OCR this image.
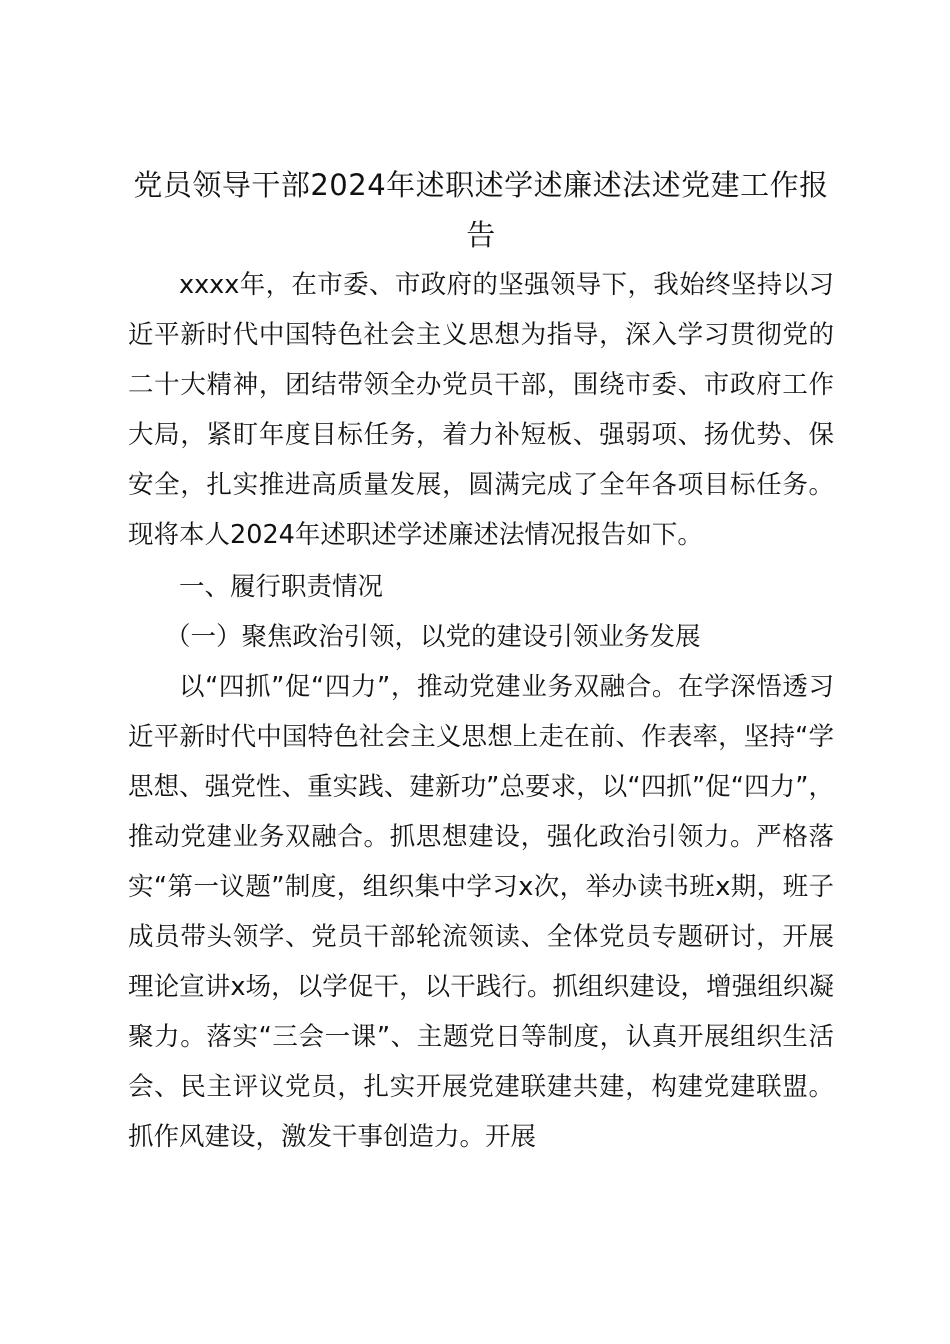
党员领导干部2024年述职述学述廉述法述党建工作报告

xxxx年，在市委、市政府的坚强领导下，我始终坚持以习近平新时代中国特色社会主义思想为指导，深入学习贯彻党的二十大精神，团结带领全办党员干部，围绕市委、市政府工作大局，紧盯年度目标任务，着力补短板、强弱项、扬优势、保安全，扎实推进高质量发展，圆满完成了全年各项目标任务。现将本人2024年述职述学述廉述法情况报告如下。

一、履行职责情况

（一）聚焦政治引领，以党的建设引领业务发展

以“四抓”促“四力”，推动党建业务双融合。在学深悟透习近平新时代中国特色社会主义思想上走在前、作表率，坚持“学思想、强党性、重实践、建新功”总要求，以“四抓”促“四力”，推动党建业务双融合。抓思想建设，强化政治引领力。严格落实“第一议题”制度，组织集中学习x次，举办读书班x期，班子成员带头领学、党员干部轮流领读、全体党员专题研讨，开展理论宣讲x场，以学促干，以干践行。抓组织建设，增强组织凝聚力。落实“三会一课”、主题党日等制度，认真开展组织生活会、民主评议党员，扎实开展党建联建共建，构建党建联盟。抓作风建设，激发干事创造力。开展
